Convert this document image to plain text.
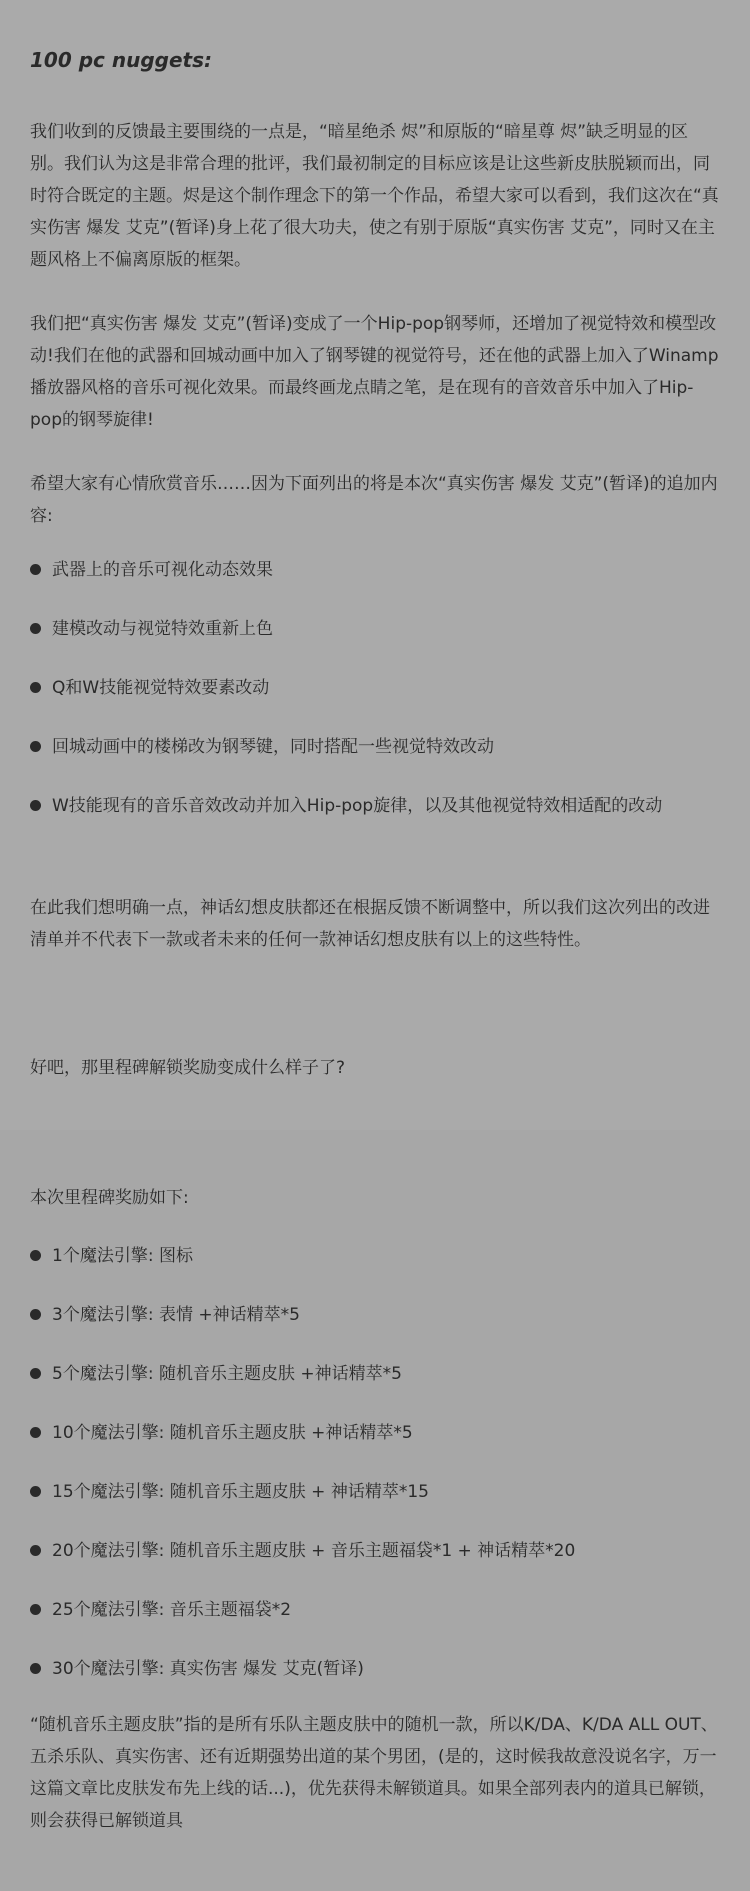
100 pc nuggets:

我们收到的反馈最主要围绕的一点是，“暗星绝杀 烬”和原版的“暗星尊 烬”缺乏明显的区别。我们认为这是非常合理的批评，我们最初制定的目标应该是让这些新皮肤脱颖而出，同时符合既定的主题。烬是这个制作理念下的第一个作品，希望大家可以看到，我们这次在“真实伤害 爆发 艾克”(暂译)身上花了很大功夫，使之有别于原版“真实伤害 艾克”，同时又在主题风格上不偏离原版的框架。

我们把“真实伤害 爆发 艾克”(暂译)变成了一个Hip-pop钢琴师，还增加了视觉特效和模型改动!我们在他的武器和回城动画中加入了钢琴键的视觉符号，还在他的武器上加入了Winamp播放器风格的音乐可视化效果。而最终画龙点睛之笔，是在现有的音效音乐中加入了Hip-pop的钢琴旋律!

希望大家有心情欣赏音乐……因为下面列出的将是本次“真实伤害 爆发 艾克”(暂译)的追加内容:

武器上的音乐可视化动态效果
建模改动与视觉特效重新上色
Q和W技能视觉特效要素改动
回城动画中的楼梯改为钢琴键，同时搭配一些视觉特效改动
W技能现有的音乐音效改动并加入Hip-pop旋律，以及其他视觉特效相适配的改动

在此我们想明确一点，神话幻想皮肤都还在根据反馈不断调整中，所以我们这次列出的改进清单并不代表下一款或者未来的任何一款神话幻想皮肤有以上的这些特性。

好吧，那里程碑解锁奖励变成什么样子了?

本次里程碑奖励如下:

1个魔法引擎: 图标
3个魔法引擎: 表情 +神话精萃*5
5个魔法引擎: 随机音乐主题皮肤 +神话精萃*5
10个魔法引擎: 随机音乐主题皮肤 +神话精萃*5
15个魔法引擎: 随机音乐主题皮肤 + 神话精萃*15
20个魔法引擎: 随机音乐主题皮肤 + 音乐主题福袋*1 + 神话精萃*20
25个魔法引擎: 音乐主题福袋*2
30个魔法引擎: 真实伤害 爆发 艾克(暂译)

“随机音乐主题皮肤”指的是所有乐队主题皮肤中的随机一款，所以K/DA、K/DA ALL OUT、五杀乐队、真实伤害、还有近期强势出道的某个男团，(是的，这时候我故意没说名字，万一这篇文章比皮肤发布先上线的话...)，优先获得未解锁道具。如果全部列表内的道具已解锁，则会获得已解锁道具
